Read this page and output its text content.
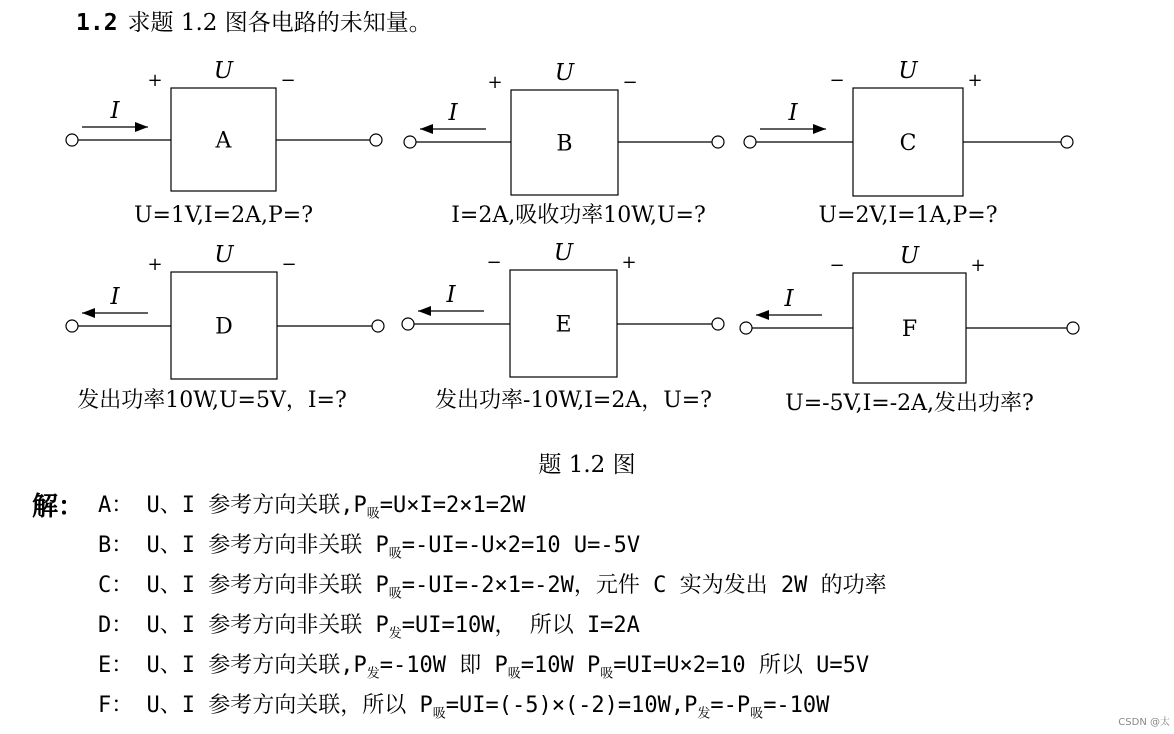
1.2 求题 1.2 图各电路的未知量。
A
U
+	−
I
U=1V,I=2A,P=?
B
U
+	−
I
I=2A,吸收功率10W,U=?
C
U
−	+
I
U=2V,I=1A,P=?
D
U
+	−
I
发出功率10W,U=5V，I=?
E
U
−	+
I
发出功率-10W,I=2A，U=?
F
U
−	+
I
U=-5V,I=-2A,发出功率?
题 1.2 图
解： A： U、I 参考方向关联$,P_吸=U\times I=2\times 1=2W$
B： U、I 参考方向非关联 $P_吸=-UI=-U\times 2=10$ U=-5V
C： U、I 参考方向非关联 $P_吸=-UI=-2\times 1=-2W$，元件 C 实为发出 2W 的功率
D： U、I 参考方向非关联 $P_发=UI=10W$， 所以 I=2A
E： U、I 参考方向关联$,P_发=-10W$ 即 $P_吸=10W$ $P_吸=UI=U\times 2=10$ 所以 U=5V
F： U、I 参考方向关联，所以 $P_吸=UI=(-5)\times(-2)=10W,P_发=-P_吸=-10W$
CSDN @太
